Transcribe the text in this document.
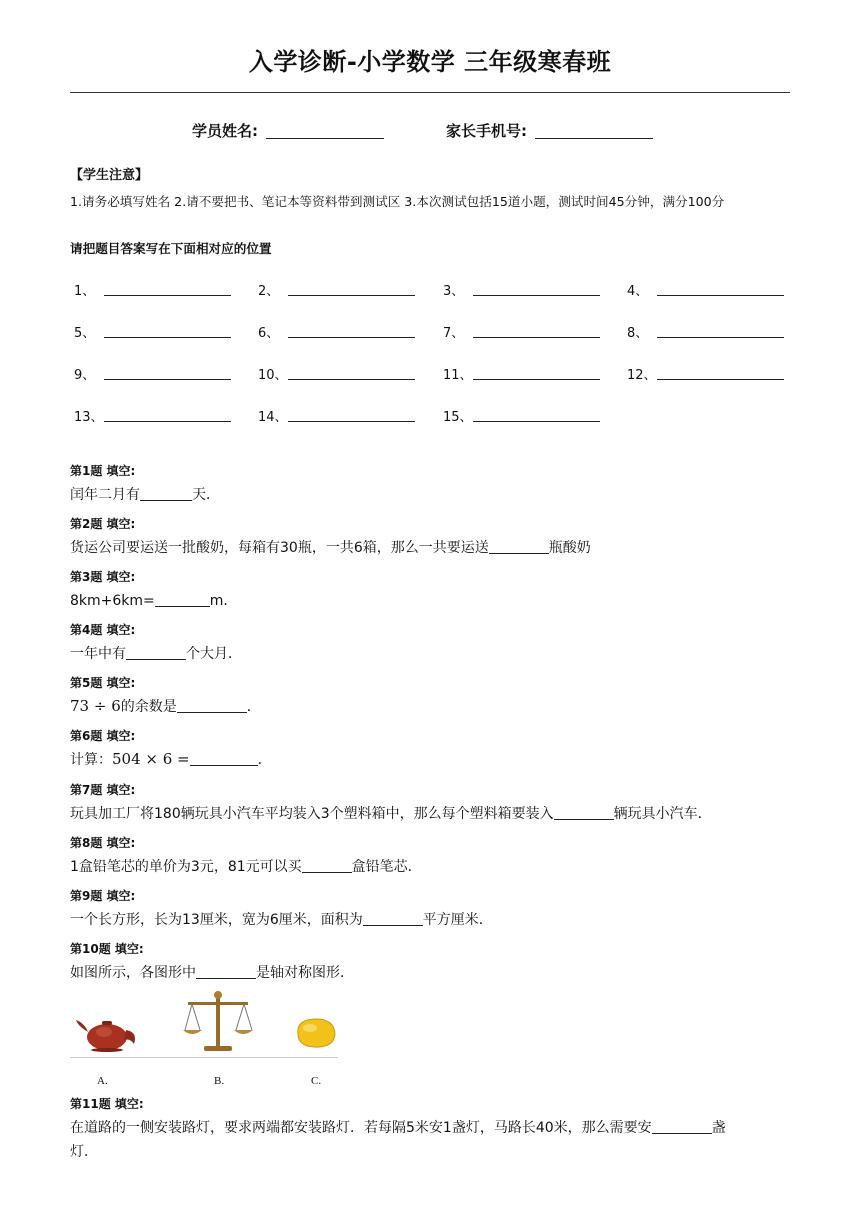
入学诊断-小学数学 三年级寒春班
学员姓名:	家长手机号:
【学生注意】
1.请务必填写姓名 2.请不要把书、笔记本等资料带到测试区 3.本次测试包括15道小题，测试时间45分钟，满分100分
请把题目答案写在下面相对应的位置
1、	2、	3、	4、
5、	6、	7、	8、
9、	10、	11、	12、
13、	14、	15、
第1题 填空:
闰年二月有	天．
第2题 填空:
货运公司要运送一批酸奶，每箱有30瓶，一共6箱，那么一共要运送	瓶酸奶
第3题 填空:
8km+6km=	m．
第4题 填空:
一年中有	个大月．
第5题 填空:
73 ÷ 6的余数是	．
第6题 填空:
计算：504 × 6 =	．
第7题 填空:
玩具加工厂将180辆玩具小汽车平均装入3个塑料箱中，那么每个塑料箱要装入	辆玩具小汽车．
第8题 填空:
1盒铅笔芯的单价为3元，81元可以买	盒铅笔芯．
第9题 填空:
一个长方形，长为13厘米，宽为6厘米，面积为	平方厘米．
第10题 填空:
如图所示，各图形中	是轴对称图形．
A.	B.	C.
第11题 填空:
在道路的一侧安装路灯，要求两端都安装路灯．若每隔5米安1盏灯，马路长40米，那么需要安	盏
灯．
